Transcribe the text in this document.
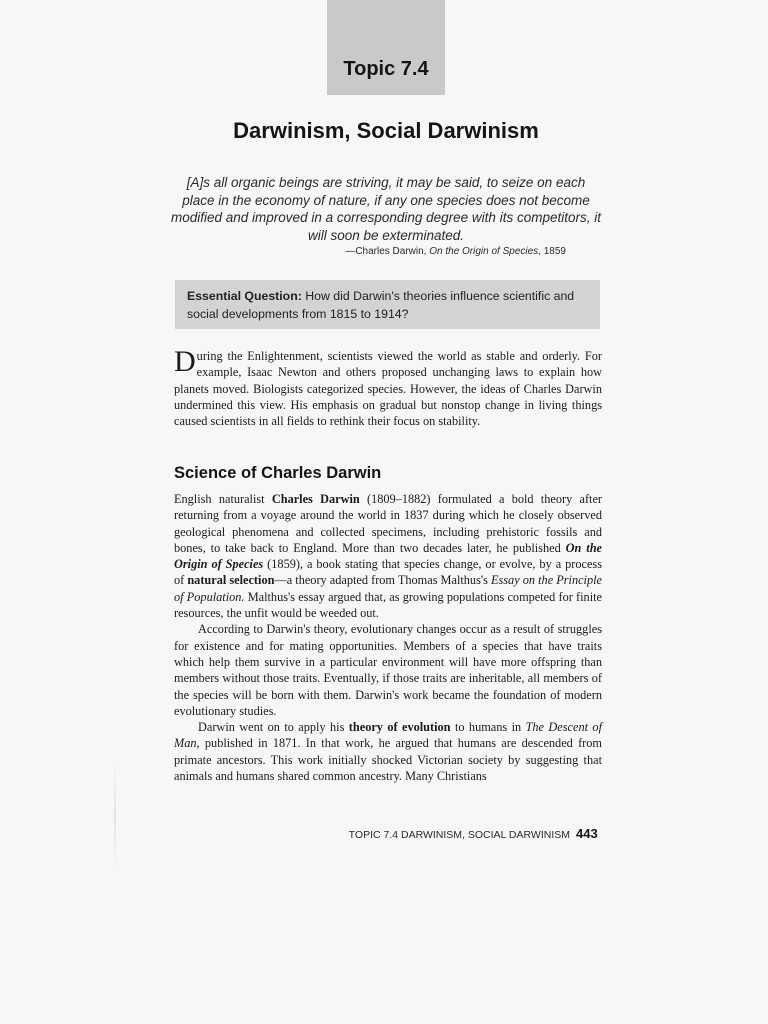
Topic 7.4
Darwinism, Social Darwinism
[A]s all organic beings are striving, it may be said, to seize on each place in the economy of nature, if any one species does not become modified and improved in a corresponding degree with its competitors, it will soon be exterminated.
—Charles Darwin, On the Origin of Species, 1859
Essential Question: How did Darwin's theories influence scientific and social developments from 1815 to 1914?
During the Enlightenment, scientists viewed the world as stable and orderly. For example, Isaac Newton and others proposed unchanging laws to explain how planets moved. Biologists categorized species. However, the ideas of Charles Darwin undermined this view. His emphasis on gradual but nonstop change in living things caused scientists in all fields to rethink their focus on stability.
Science of Charles Darwin

English naturalist Charles Darwin (1809–1882) formulated a bold theory after returning from a voyage around the world in 1837 during which he closely observed geological phenomena and collected specimens, including prehistoric fossils and bones, to take back to England. More than two decades later, he published On the Origin of Species (1859), a book stating that species change, or evolve, by a process of natural selection—a theory adapted from Thomas Malthus's Essay on the Principle of Population. Malthus's essay argued that, as growing populations competed for finite resources, the unfit would be weeded out.

According to Darwin's theory, evolutionary changes occur as a result of struggles for existence and for mating opportunities. Members of a species that have traits which help them survive in a particular environment will have more offspring than members without those traits. Eventually, if those traits are inheritable, all members of the species will be born with them. Darwin's work became the foundation of modern evolutionary studies.

Darwin went on to apply his theory of evolution to humans in The Descent of Man, published in 1871. In that work, he argued that humans are descended from primate ancestors. This work initially shocked Victorian society by suggesting that animals and humans shared common ancestry. Many Christians

TOPIC 7.4 DARWINISM, SOCIAL DARWINISM 443
